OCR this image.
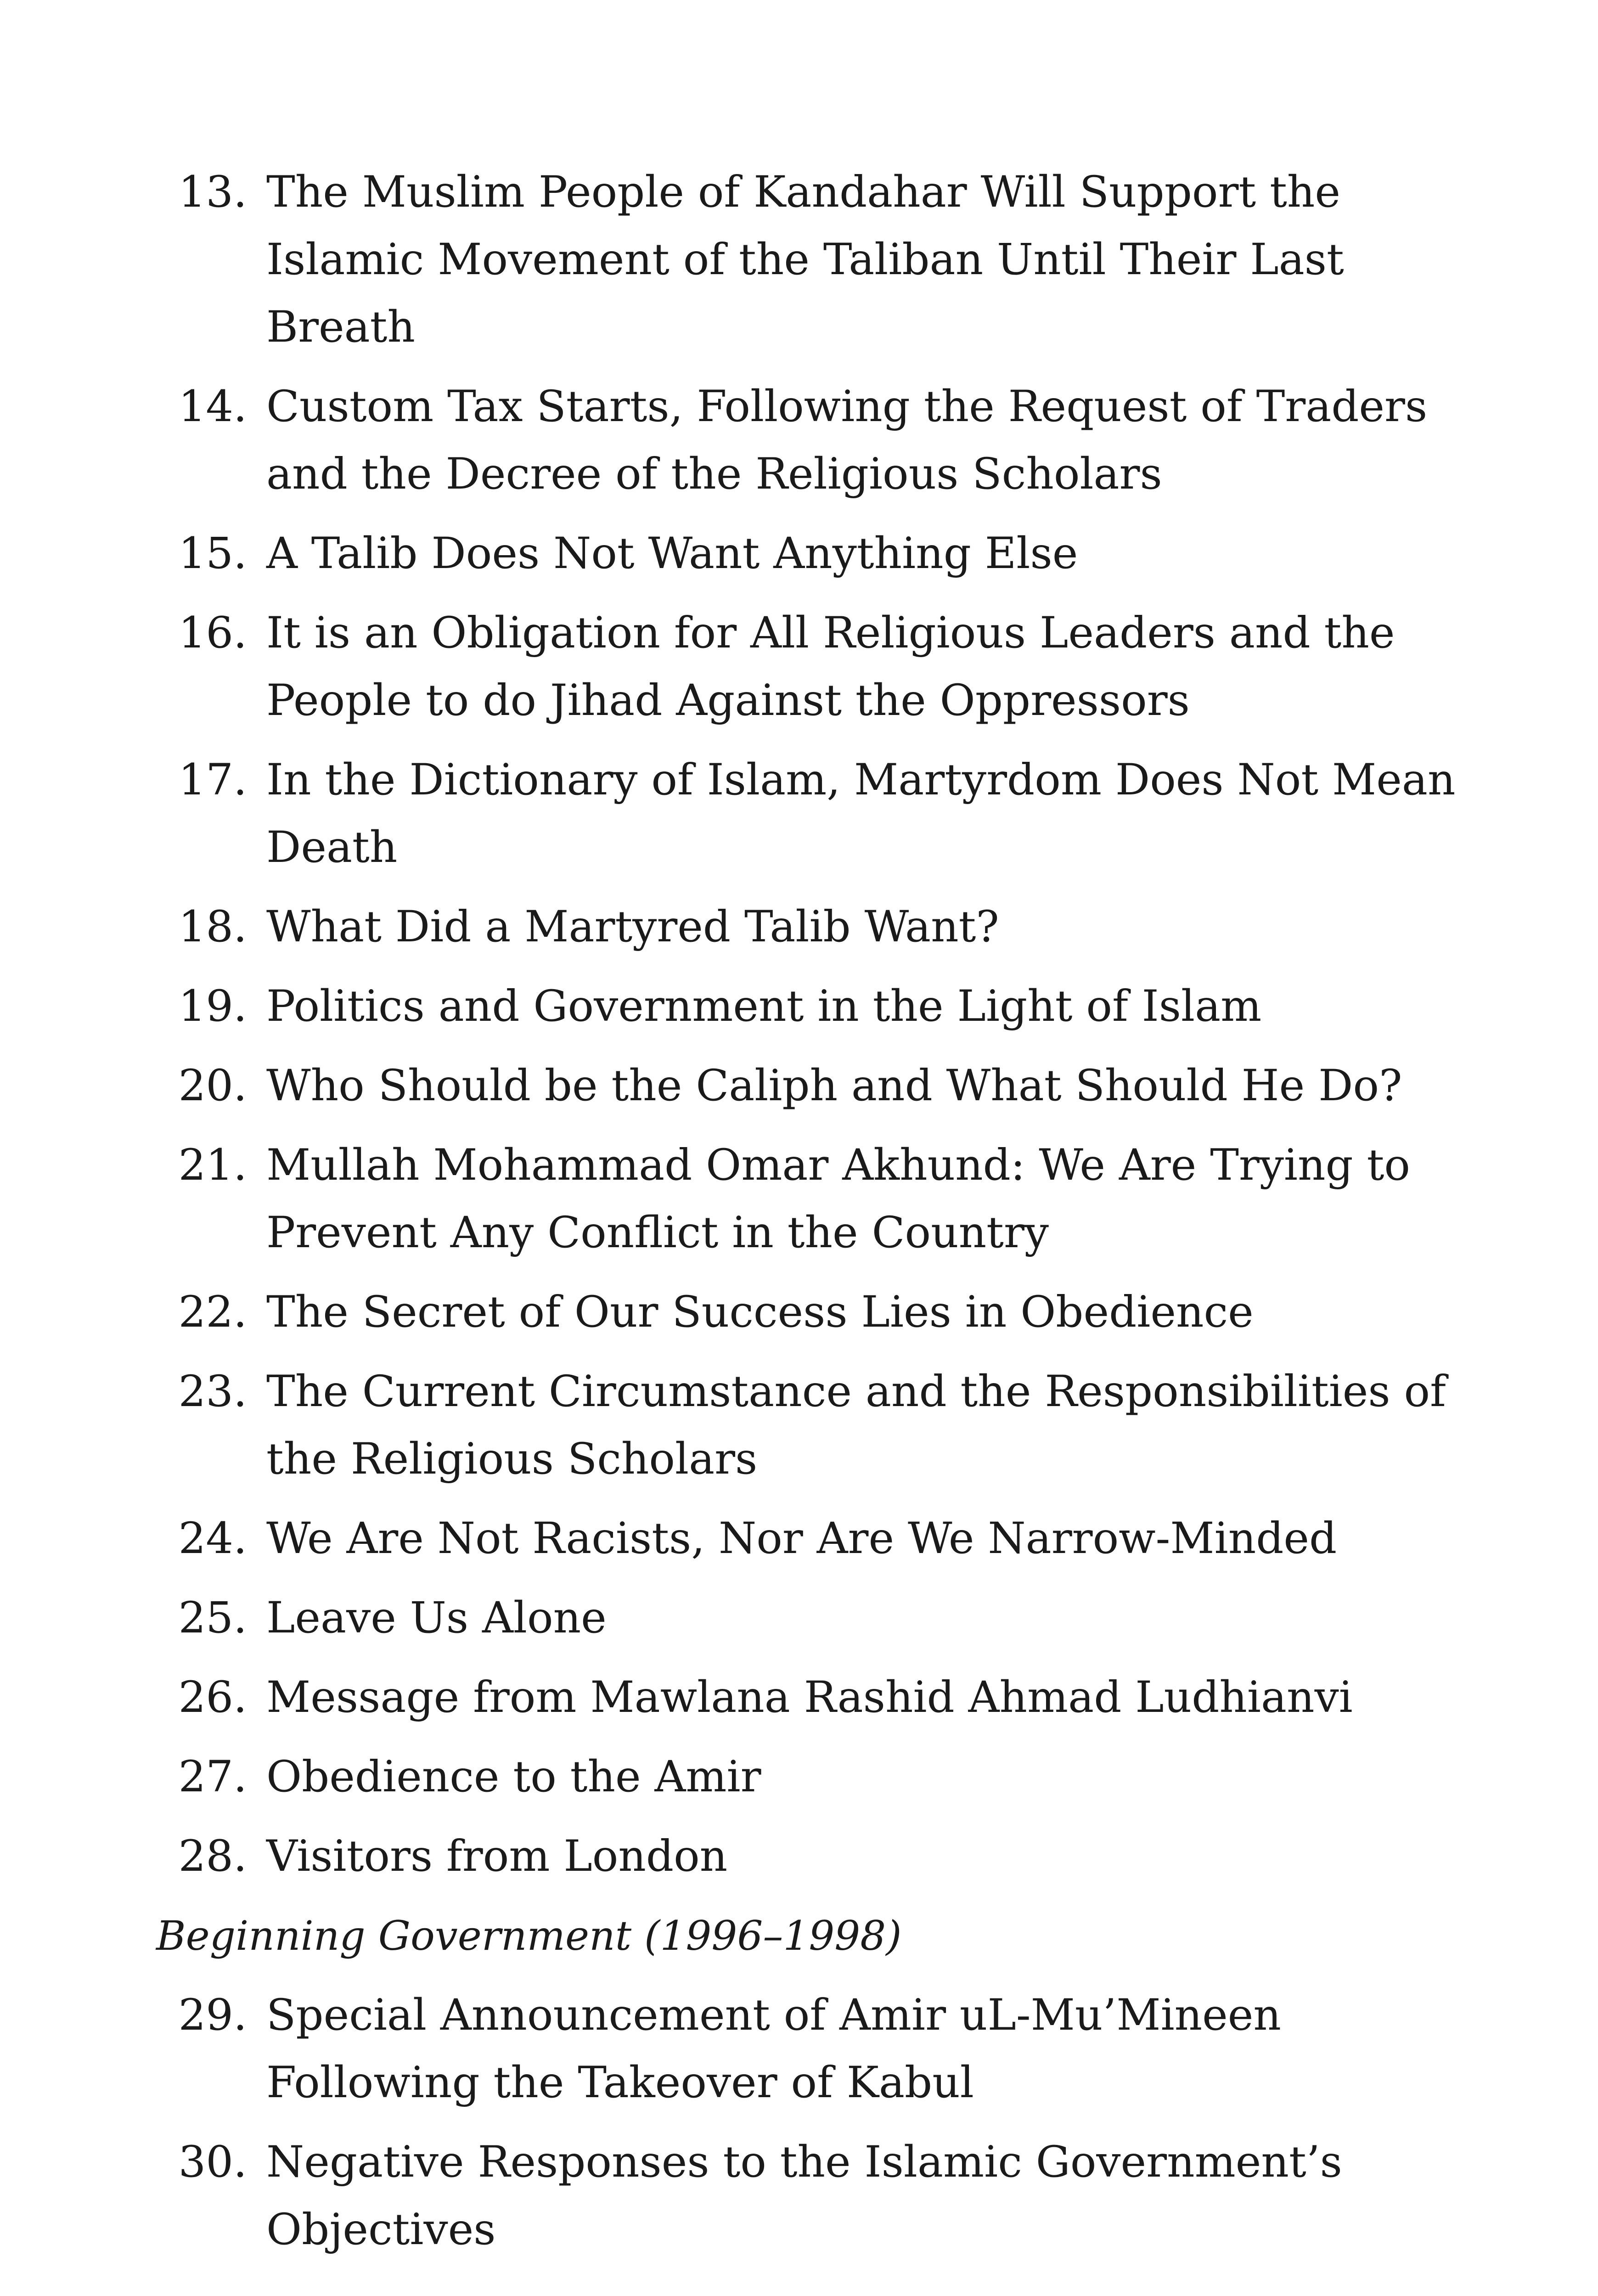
13. The Muslim People of Kandahar Will Support the Islamic Movement of the Taliban Until Their Last Breath
14. Custom Tax Starts, Following the Request of Traders and the Decree of the Religious Scholars
15. A Talib Does Not Want Anything Else
16. It is an Obligation for All Religious Leaders and the People to do Jihad Against the Oppressors
17. In the Dictionary of Islam, Martyrdom Does Not Mean Death
18. What Did a Martyred Talib Want?
19. Politics and Government in the Light of Islam
20. Who Should be the Caliph and What Should He Do?
21. Mullah Mohammad Omar Akhund: We Are Trying to Prevent Any Conflict in the Country
22. The Secret of Our Success Lies in Obedience
23. The Current Circumstance and the Responsibilities of the Religious Scholars
24. We Are Not Racists, Nor Are We Narrow-Minded
25. Leave Us Alone
26. Message from Mawlana Rashid Ahmad Ludhianvi
27. Obedience to the Amir
28. Visitors from London
Beginning Government (1996–1998)
29. Special Announcement of Amir uL-Mu’Mineen Following the Takeover of Kabul
30. Negative Responses to the Islamic Government’s Objectives
